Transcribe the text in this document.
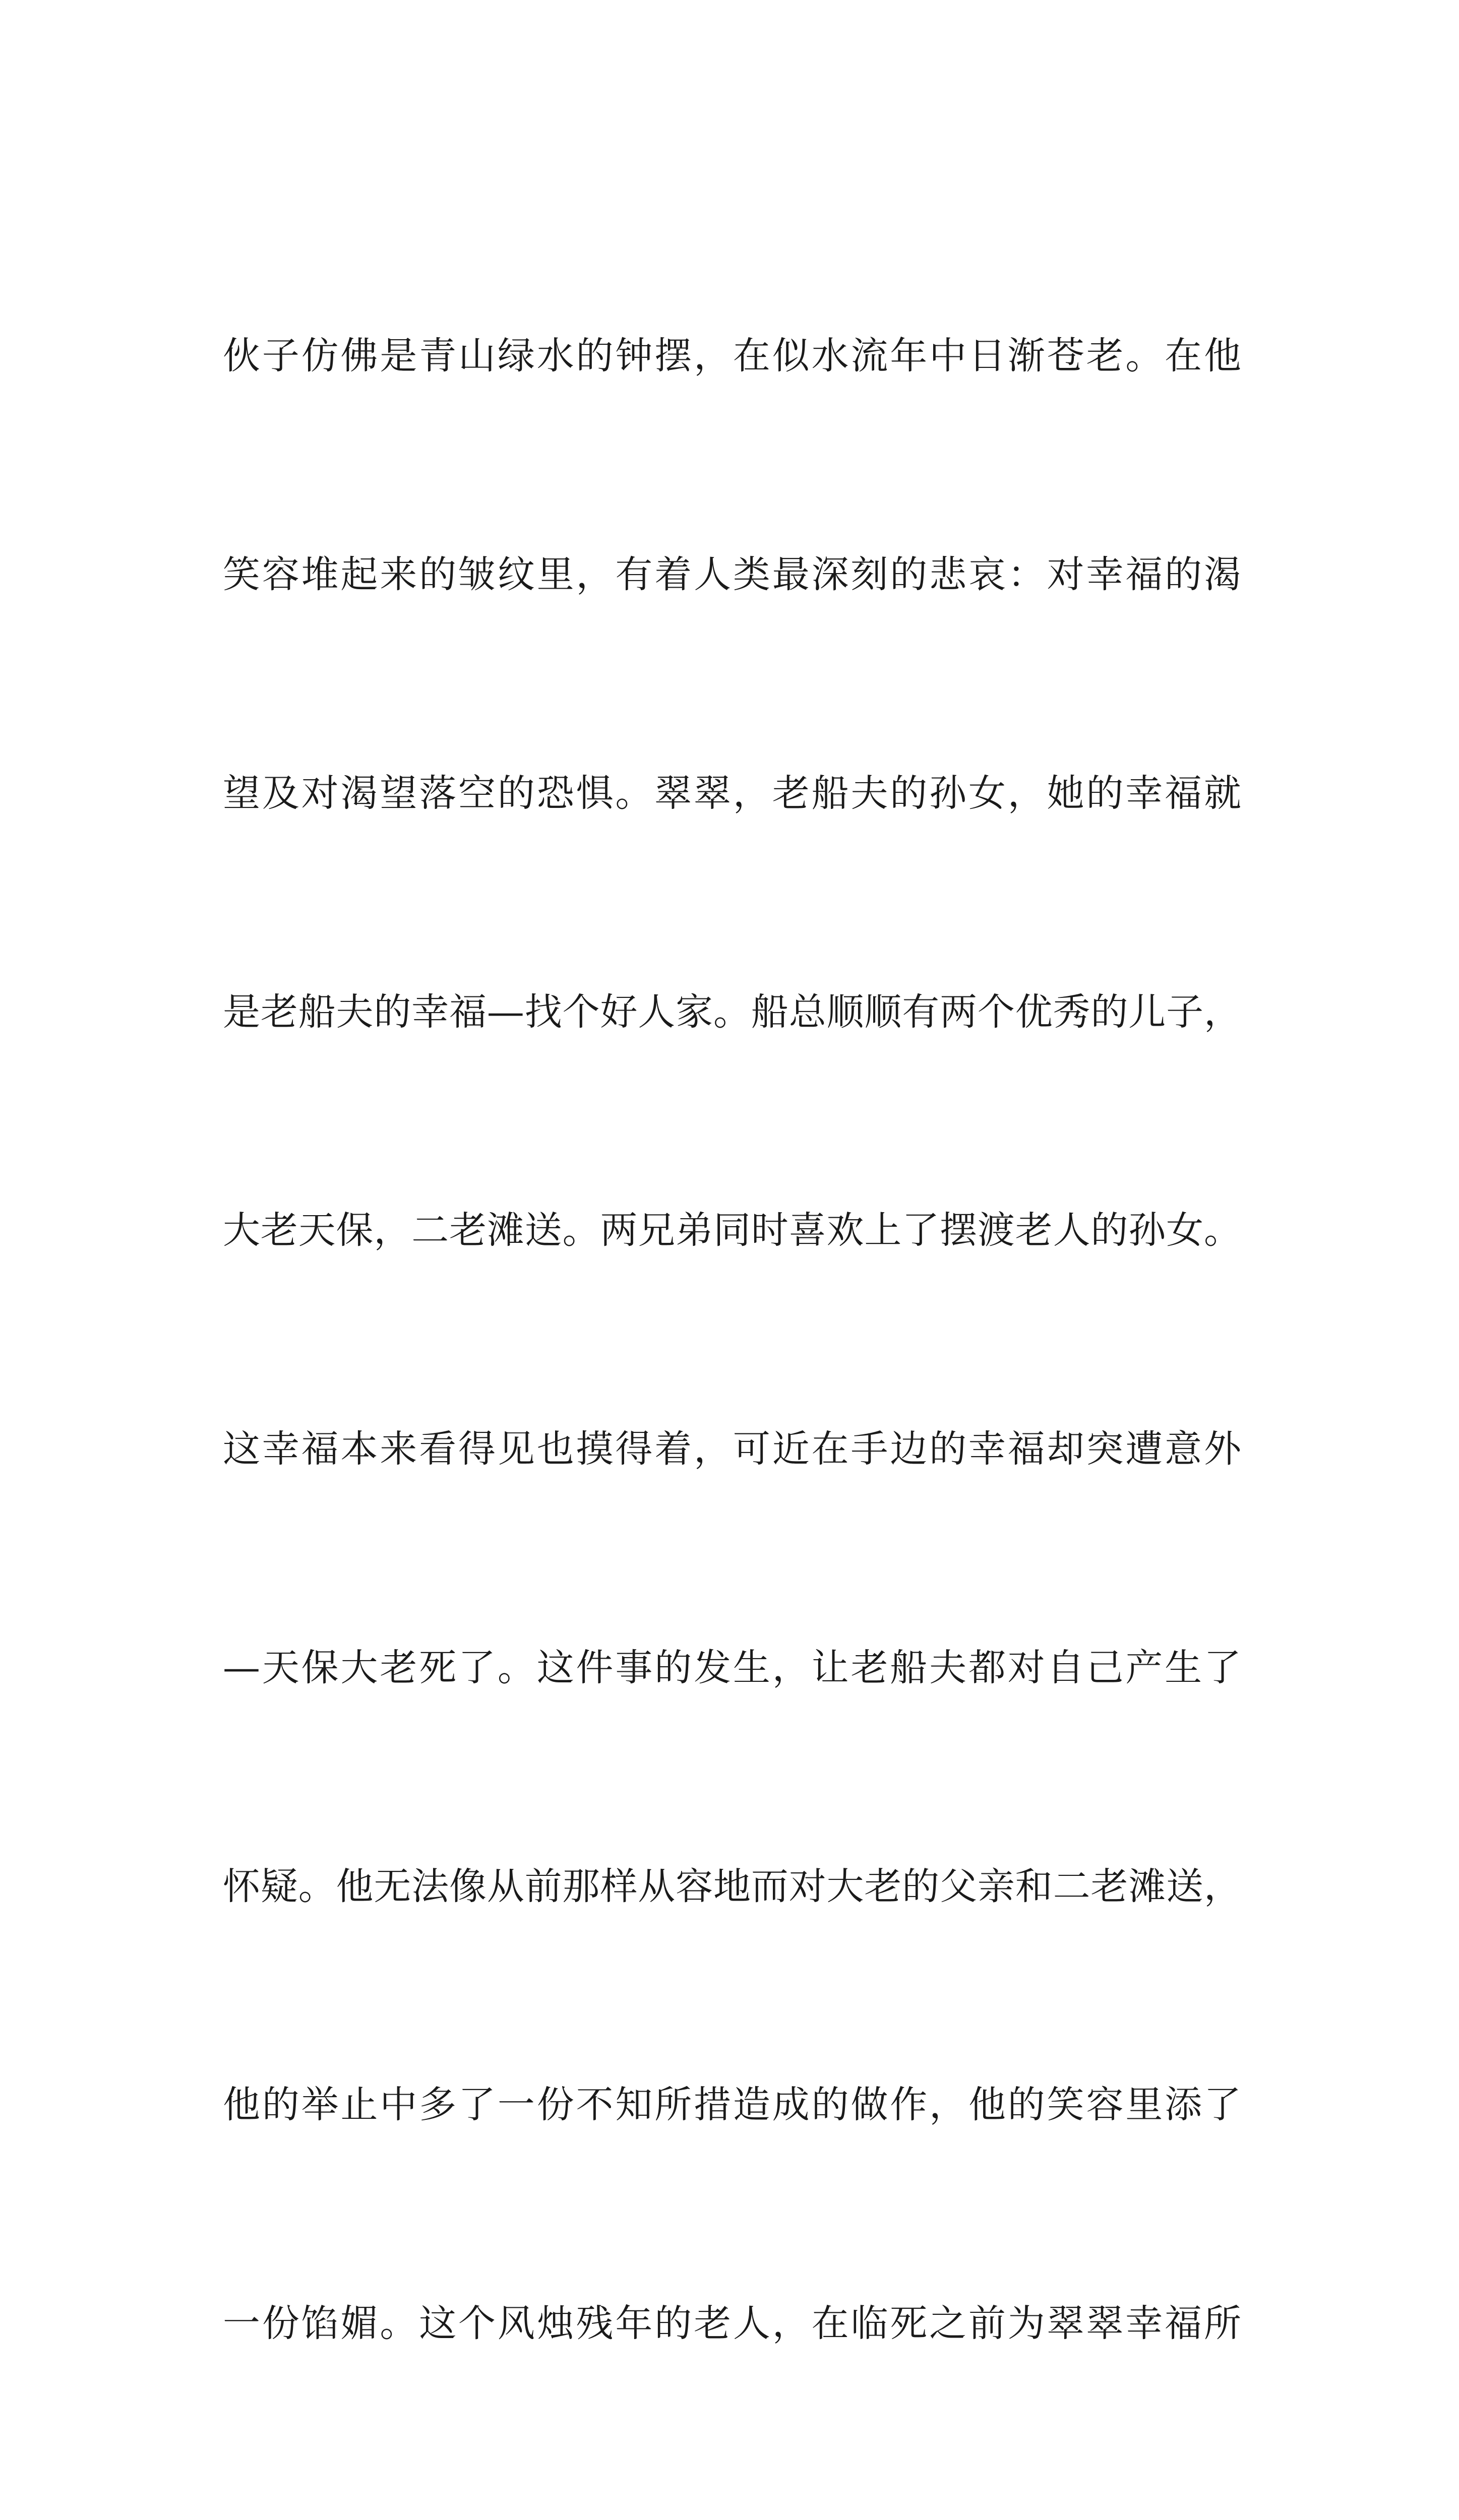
伙子仿佛是青山绿水的钟摆，在似水流年中日渐苍老。在他

笑容堆起来的皱纹里，有着人类最深刻的悲哀：对幸福的渴

望及对渴望落空的恐惧。翠翠，老船夫的孙女，她的幸福就

是老船夫的幸福—找个好人家。船总顺顺有两个优秀的儿子，

大老天保，二老滩送。两兄弟同时喜欢上了摆渡老人的孙女。

这幸福本来看得见也摸得着，可近在手边的幸福却突遭意外

—天保大老死了。这件事的发生，让老船夫都对自己产生了

怀疑。他无法像从前那样从容地而对大老的父亲和二老滩送，

他的举止中多了一份不知所措造成的做作，他的笑容里添了

一份馅媚。这个风烛残年的老人，在临死之前为翠翠幸福所
